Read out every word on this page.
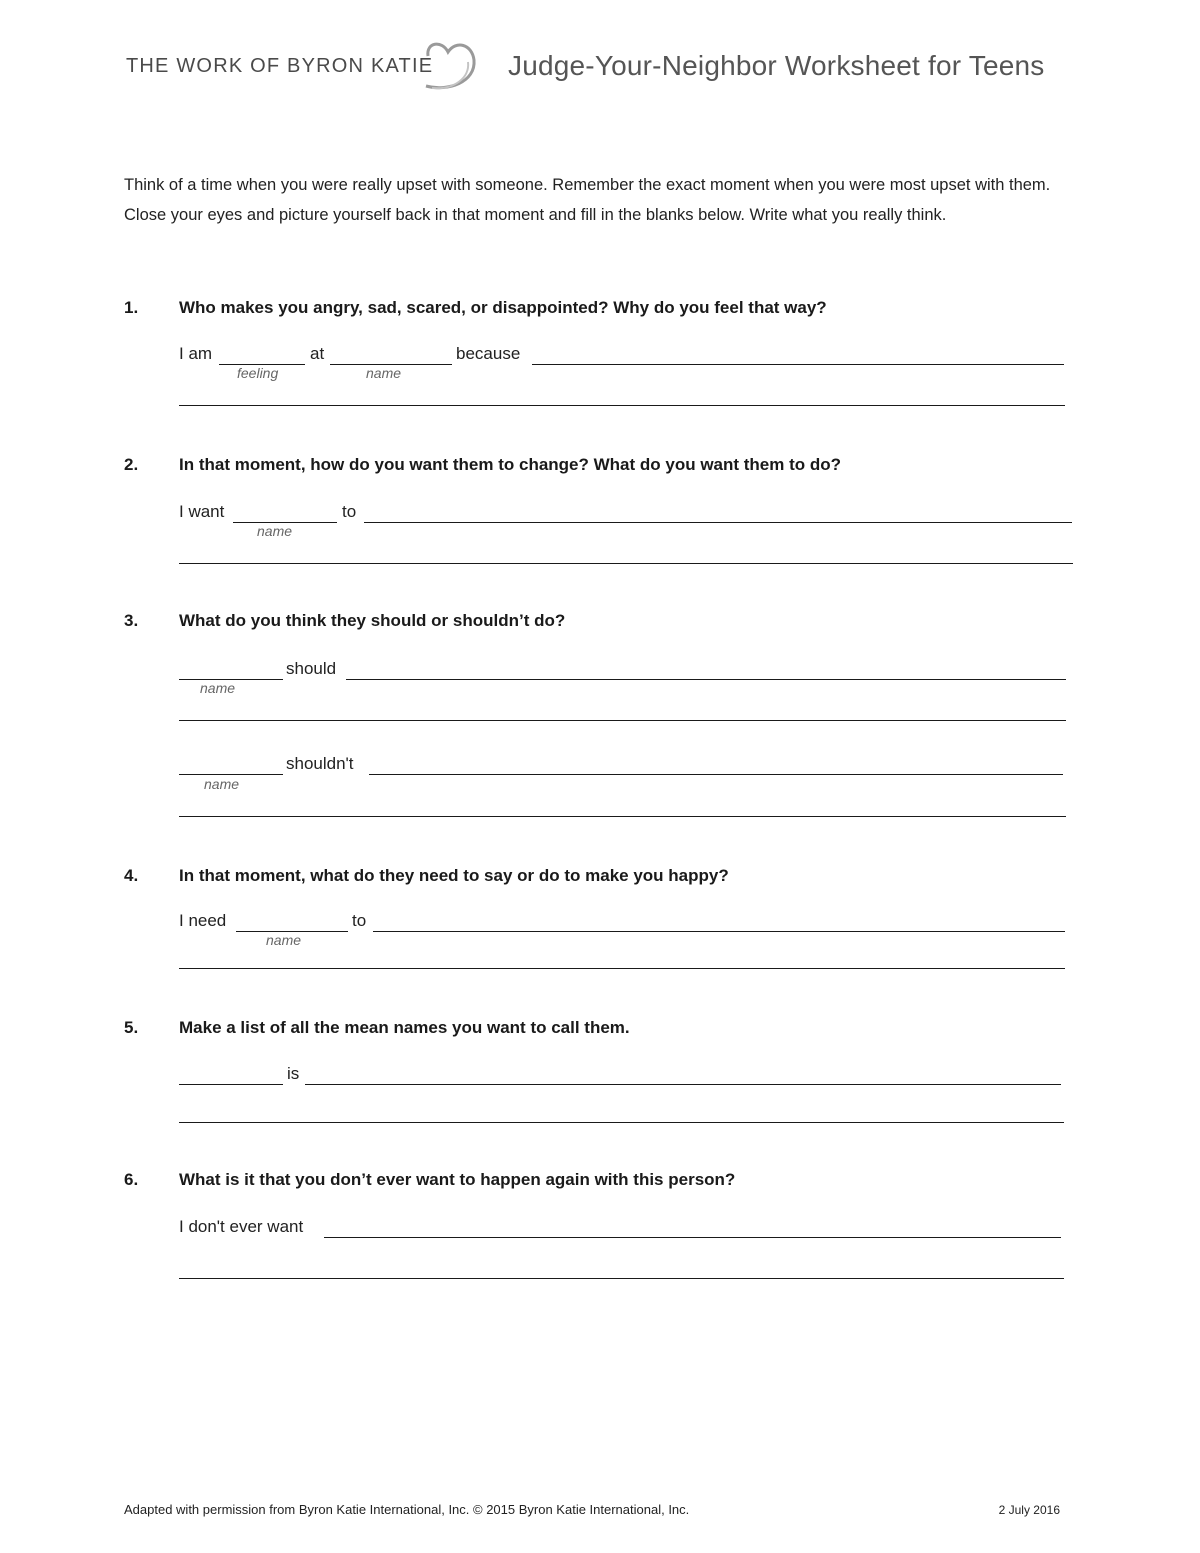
THE WORK OF BYRON KATIE	Judge-Your-Neighbor Worksheet for Teens
Think of a time when you were really upset with someone. Remember the exact moment when you were most upset with them. Close your eyes and picture yourself back in that moment and fill in the blanks below. Write what you really think.
1. Who makes you angry, sad, scared, or disappointed? Why do you feel that way?
I am	at	because
feeling	name
2. In that moment, how do you want them to change? What do you want them to do?
I want	to
name
3. What do you think they should or shouldn’t do?
should
name
shouldn't
name
4. In that moment, what do they need to say or do to make you happy?
I need	to
name
5. Make a list of all the mean names you want to call them.
is
6. What is it that you don’t ever want to happen again with this person?
I don't ever want
Adapted with permission from Byron Katie International, Inc. © 2015 Byron Katie International, Inc.	2 July 2016
